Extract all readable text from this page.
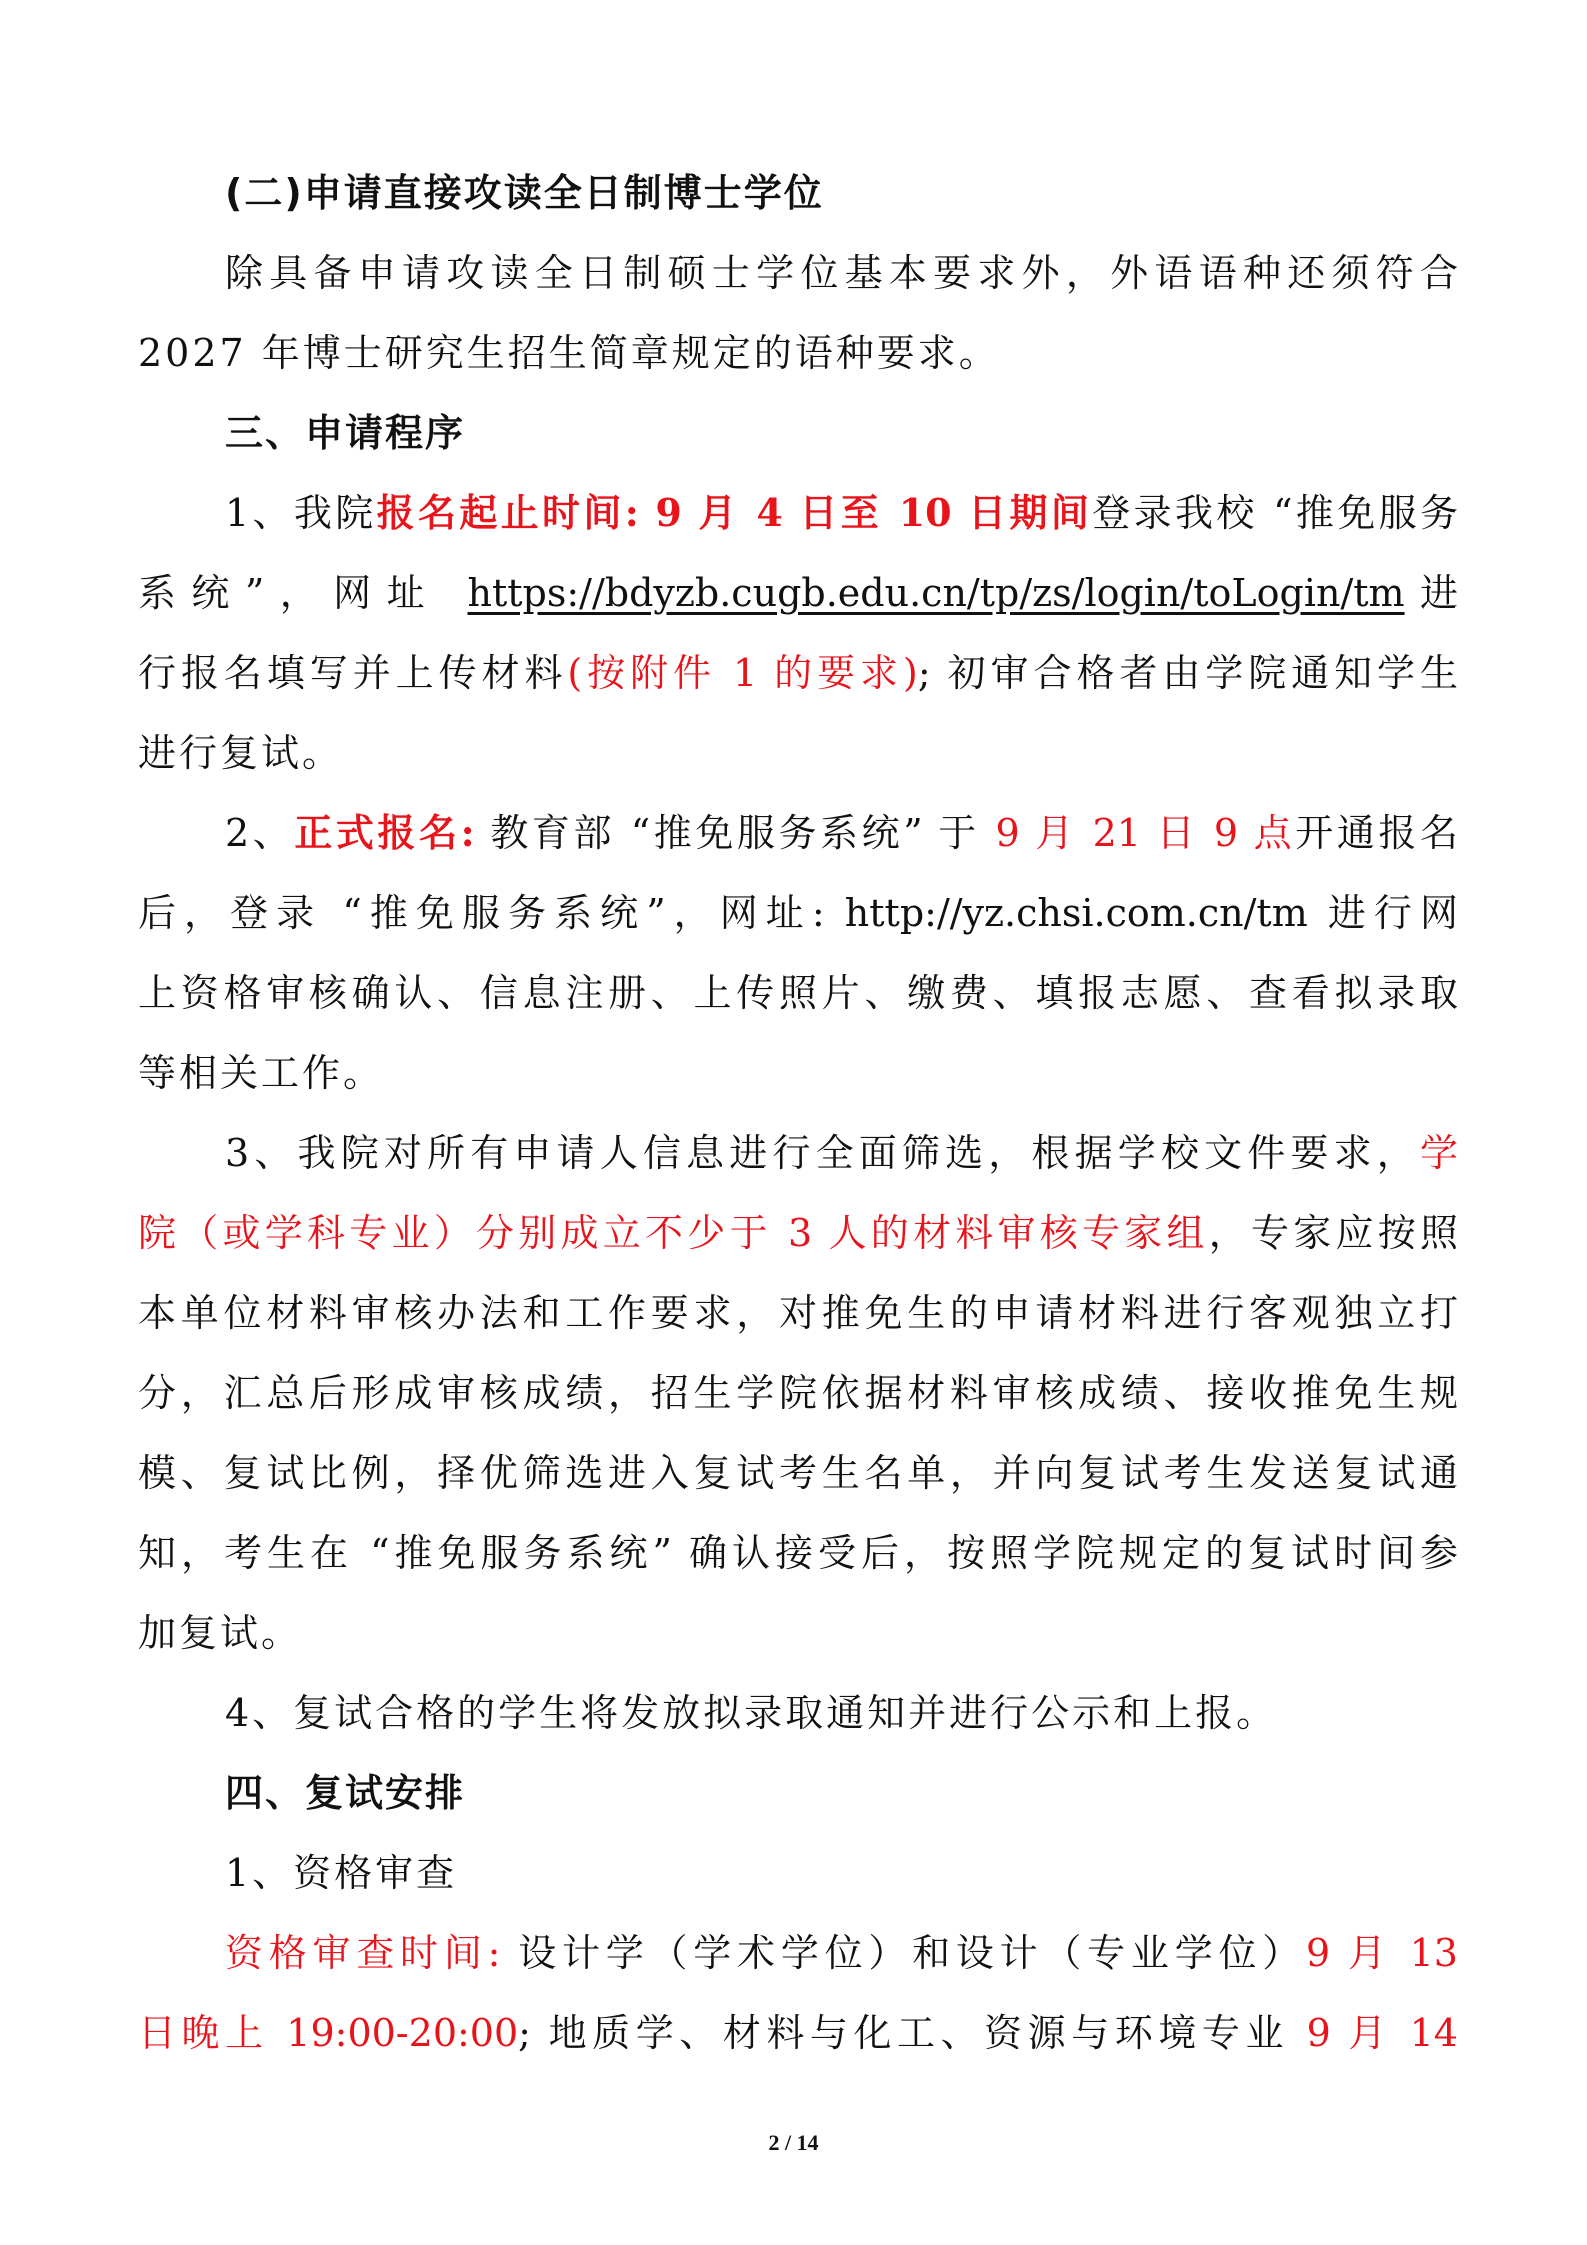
(二)申请直接攻读全日制博士学位
除具备申请攻读全日制硕士学位基本要求外，外语语种还须符合
2027 年博士研究生招生简章规定的语种要求。
三、申请程序
1、我院报名起止时间: 9 月 4 日至 10 日期间登录我校 “推免服务
系统”，网址 https://bdyzb.cugb.edu.cn/tp/zs/login/toLogin/tm进
行报名填写并上传材料(按附件 1 的要求); 初审合格者由学院通知学生
进行复试。
2、正式报名: 教育部 “推免服务系统” 于 9 月 21 日 9 点开通报名
后，登录 “推免服务系统”，网址: http://yz.chsi.com.cn/tm 进行网
上资格审核确认、信息注册、上传照片、缴费、填报志愿、查看拟录取
等相关工作。
3、我院对所有申请人信息进行全面筛选，根据学校文件要求，学
院（或学科专业）分别成立不少于 3 人的材料审核专家组，专家应按照
本单位材料审核办法和工作要求，对推免生的申请材料进行客观独立打
分，汇总后形成审核成绩，招生学院依据材料审核成绩、接收推免生规
模、复试比例，择优筛选进入复试考生名单，并向复试考生发送复试通
知，考生在 “推免服务系统” 确认接受后，按照学院规定的复试时间参
加复试。
4、复试合格的学生将发放拟录取通知并进行公示和上报。
四、复试安排
1、资格审查
资格审查时间: 设计学（学术学位）和设计（专业学位）9 月 13
日晚上 19:00-20:00; 地质学、材料与化工、资源与环境专业 9 月 14
2 / 14
